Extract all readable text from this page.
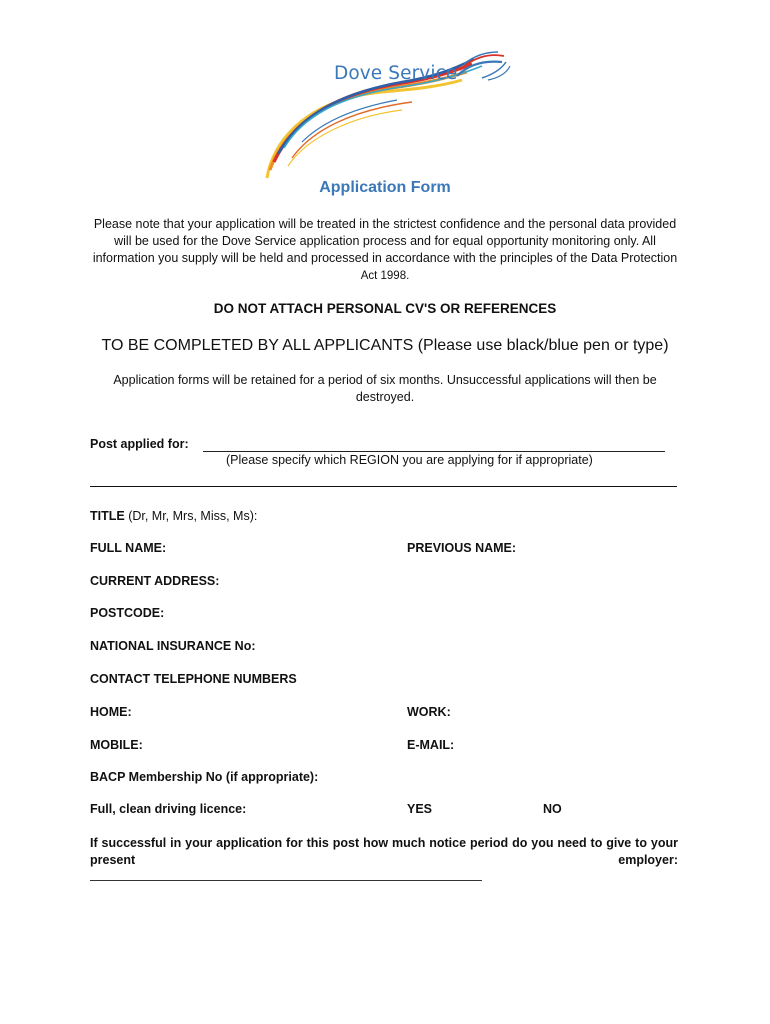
Dove Service
Application Form
Please note that your application will be treated in the strictest confidence and the personal data provided will be used for the Dove Service application process and for equal opportunity monitoring only. All information you supply will be held and processed in accordance with the principles of the Data Protection Act 1998.
DO NOT ATTACH PERSONAL CV'S OR REFERENCES
TO BE COMPLETED BY ALL APPLICANTS (Please use black/blue pen or type)
Application forms will be retained for a period of six months. Unsuccessful applications will then be destroyed.
Post applied for:
(Please specify which REGION you are applying for if appropriate)
TITLE (Dr, Mr, Mrs, Miss, Ms):
FULL NAME:	PREVIOUS NAME:
CURRENT ADDRESS:
POSTCODE:
NATIONAL INSURANCE No:
CONTACT TELEPHONE NUMBERS
HOME:	WORK:
MOBILE:	E-MAIL:
BACP Membership No (if appropriate):
Full, clean driving licence:	YES	NO
If successful in your application for this post how much notice period do you need to give to your present employer:
